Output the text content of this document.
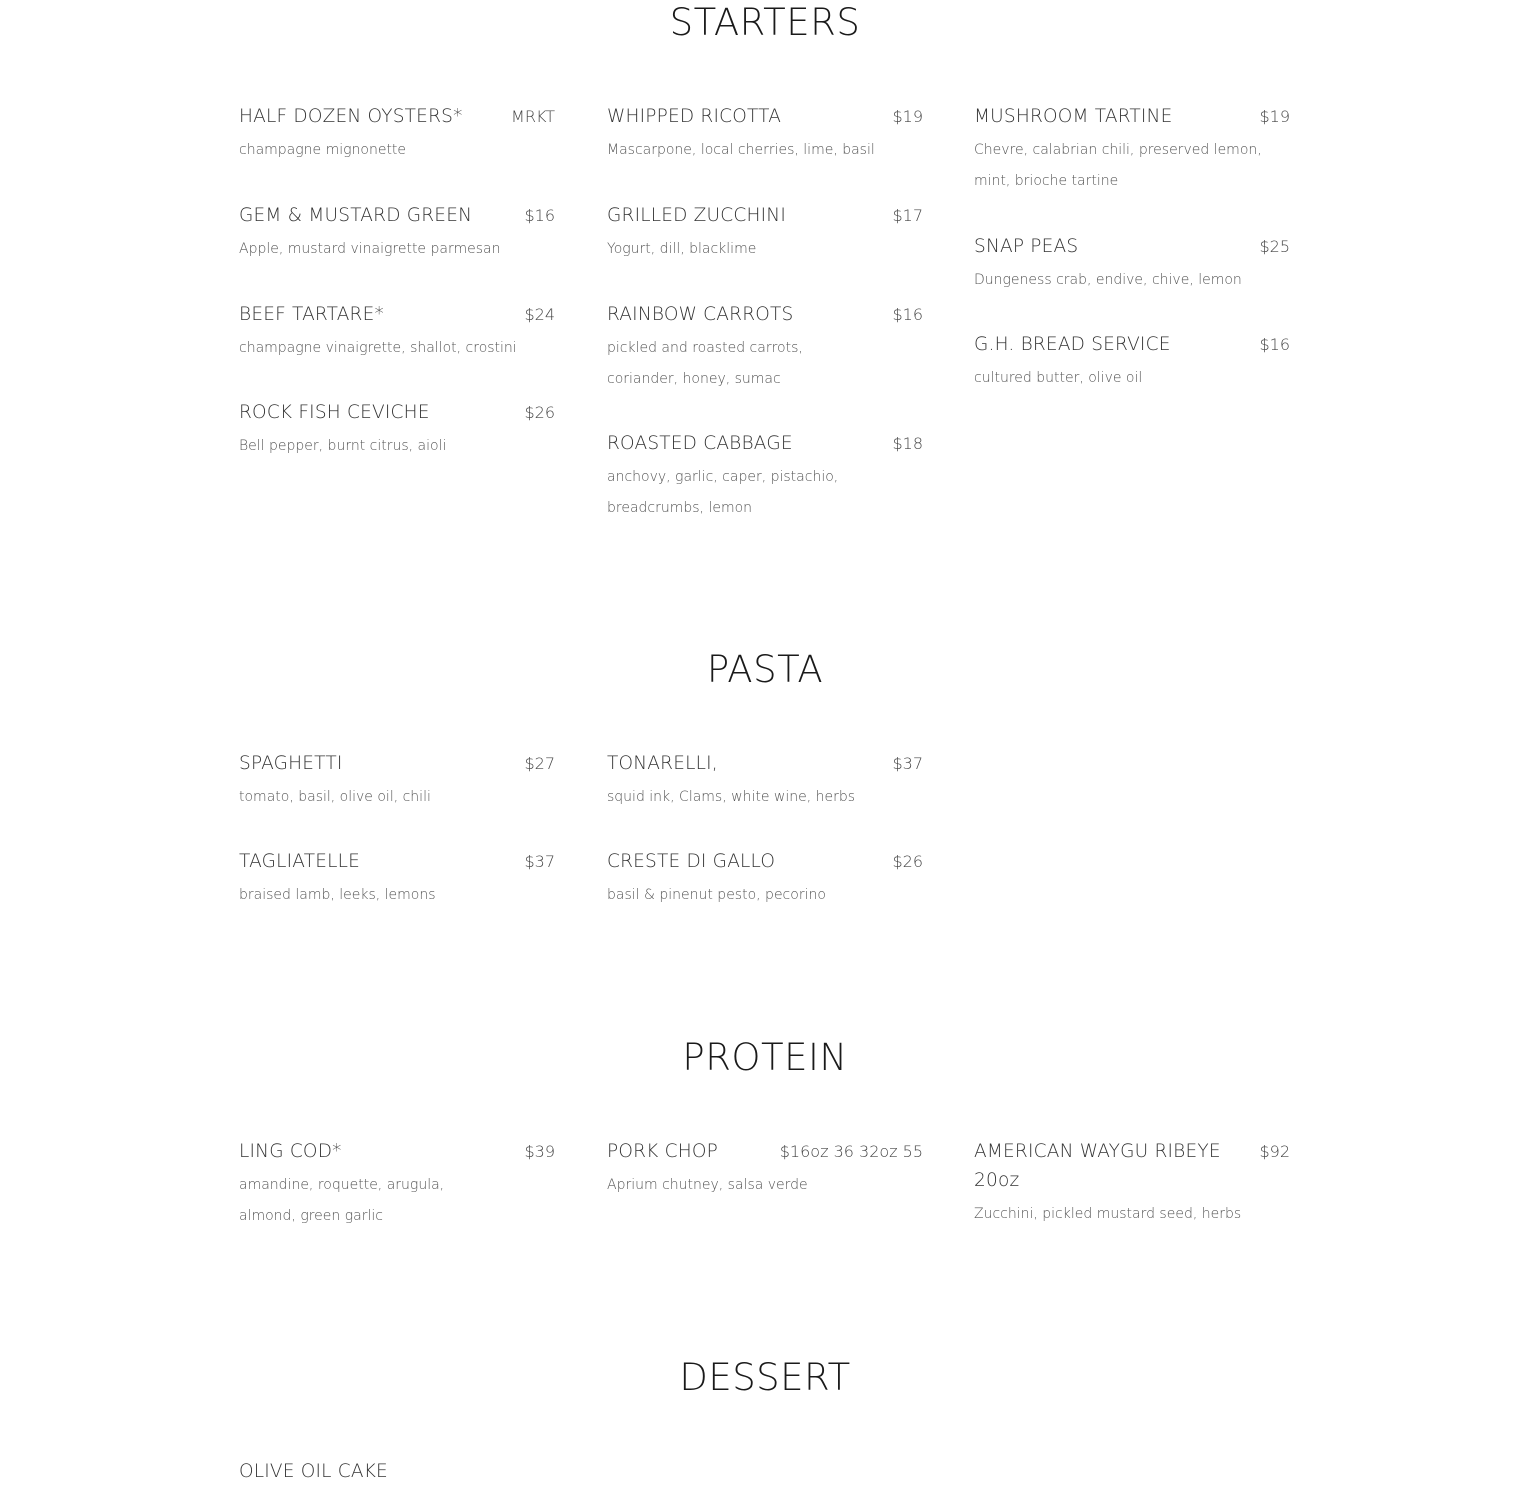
STARTERS
HALF DOZEN OYSTERS*	MRKT
champagne mignonette
GEM & MUSTARD GREEN	$16
Apple, mustard vinaigrette parmesan
BEEF TARTARE*	$24
champagne vinaigrette, shallot, crostini
ROCK FISH CEVICHE	$26
Bell pepper, burnt citrus, aioli
WHIPPED RICOTTA	$19
Mascarpone, local cherries, lime, basil
GRILLED ZUCCHINI	$17
Yogurt, dill, blacklime
RAINBOW CARROTS	$16
pickled and roasted carrots, coriander, honey, sumac
ROASTED CABBAGE	$18
anchovy, garlic, caper, pistachio, breadcrumbs, lemon
MUSHROOM TARTINE	$19
Chevre, calabrian chili, preserved lemon, mint, brioche tartine
SNAP PEAS	$25
Dungeness crab, endive, chive, lemon
G.H. BREAD SERVICE	$16
cultured butter, olive oil
PASTA
SPAGHETTI	$27
tomato, basil, olive oil, chili
TAGLIATELLE	$37
braised lamb, leeks, lemons
TONARELLI,	$37
squid ink, Clams, white wine, herbs
CRESTE DI GALLO	$26
basil & pinenut pesto, pecorino
PROTEIN
LING COD*	$39
amandine, roquette, arugula, almond, green garlic
PORK CHOP	$16oz 36 32oz 55
Aprium chutney, salsa verde
AMERICAN WAYGU RIBEYE 20oz
$92
Zucchini, pickled mustard seed, herbs
DESSERT
OLIVE OIL CAKE
